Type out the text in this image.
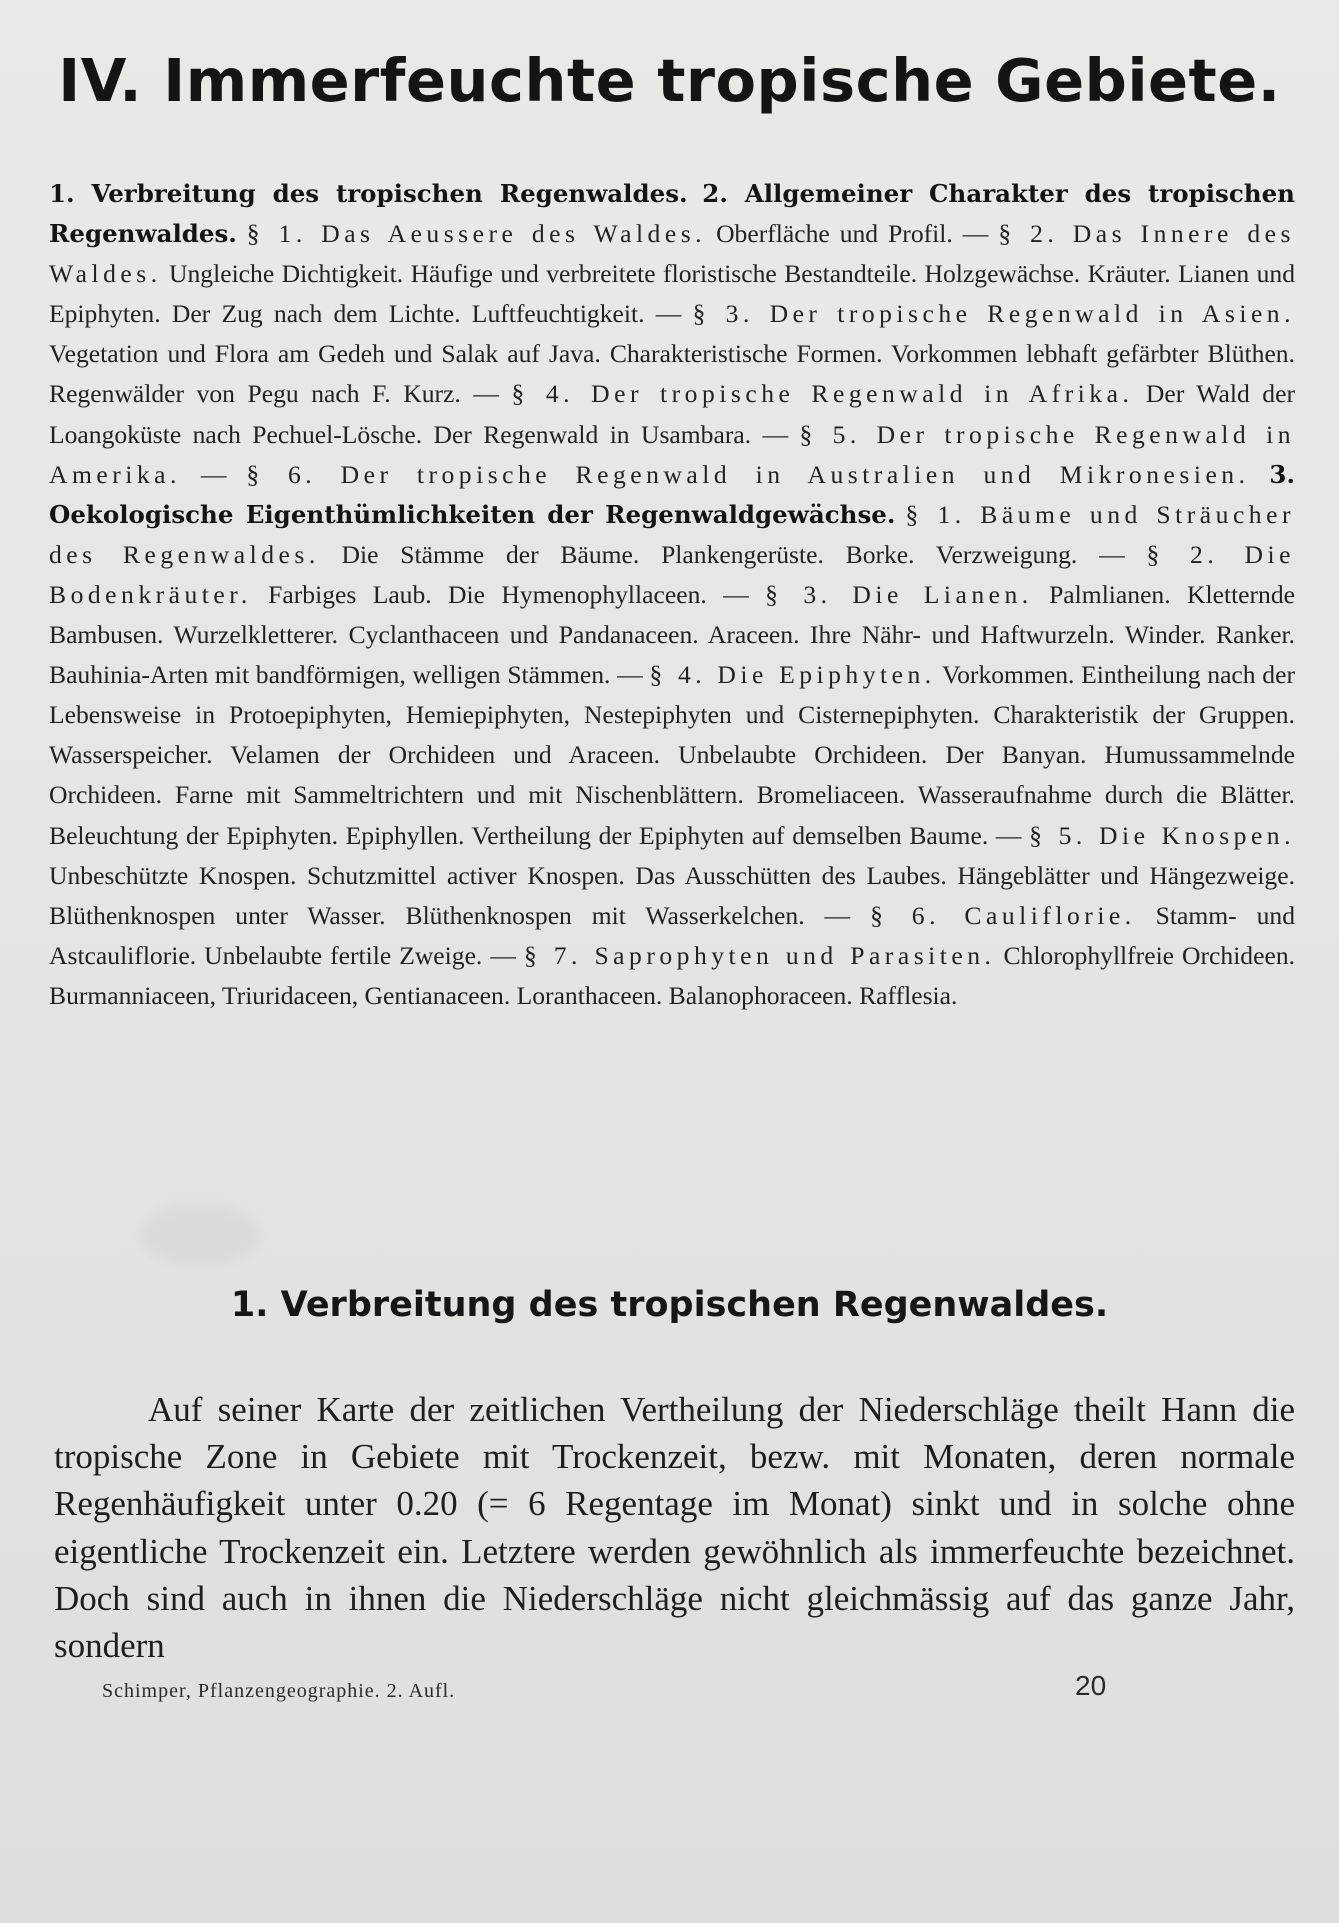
IV. Immerfeuchte tropische Gebiete.

1. Verbreitung des tropischen Regenwaldes. 2. Allgemeiner Charakter des tropischen Regenwaldes. § 1. Das Aeussere des Waldes. Oberfläche und Profil. — § 2. Das Innere des Waldes. Ungleiche Dichtigkeit. Häufige und verbreitete floristische Bestandteile. Holzgewächse. Kräuter. Lianen und Epiphyten. Der Zug nach dem Lichte. Luftfeuchtigkeit. — § 3. Der tropische Regenwald in Asien. Vegetation und Flora am Gedeh und Salak auf Java. Charakteristische Formen. Vorkommen lebhaft gefärbter Blüthen. Regenwälder von Pegu nach F. Kurz. — § 4. Der tropische Regenwald in Afrika. Der Wald der Loangoküste nach Pechuel-Lösche. Der Regenwald in Usambara. — § 5. Der tropische Regenwald in Amerika. — § 6. Der tropische Regenwald in Australien und Mikronesien. 3. Oekologische Eigenthümlichkeiten der Regenwaldgewächse. § 1. Bäume und Sträucher des Regenwaldes. Die Stämme der Bäume. Plankengerüste. Borke. Verzweigung. — § 2. Die Bodenkräuter. Farbiges Laub. Die Hymenophyllaceen. — § 3. Die Lianen. Palmlianen. Kletternde Bambusen. Wurzelkletterer. Cyclanthaceen und Pandanaceen. Araceen. Ihre Nähr- und Haftwurzeln. Winder. Ranker. Bauhinia-Arten mit bandförmigen, welligen Stämmen. — § 4. Die Epiphyten. Vorkommen. Eintheilung nach der Lebensweise in Protoepiphyten, Hemiepiphyten, Nestepiphyten und Cisternepiphyten. Charakteristik der Gruppen. Wasserspeicher. Velamen der Orchideen und Araceen. Unbelaubte Orchideen. Der Banyan. Humussammelnde Orchideen. Farne mit Sammeltrichtern und mit Nischenblättern. Bromeliaceen. Wasseraufnahme durch die Blätter. Beleuchtung der Epiphyten. Epiphyllen. Vertheilung der Epiphyten auf demselben Baume. — § 5. Die Knospen. Unbeschützte Knospen. Schutzmittel activer Knospen. Das Ausschütten des Laubes. Hängeblätter und Hängezweige. Blüthenknospen unter Wasser. Blüthenknospen mit Wasserkelchen. — § 6. Cauliflorie. Stamm- und Astcauliflorie. Unbelaubte fertile Zweige. — § 7. Saprophyten und Parasiten. Chlorophyllfreie Orchideen. Burmanniaceen, Triuridaceen, Gentianaceen. Loranthaceen. Balanophoraceen. Rafflesia.

1. Verbreitung des tropischen Regenwaldes.

Auf seiner Karte der zeitlichen Vertheilung der Niederschläge theilt Hann die tropische Zone in Gebiete mit Trockenzeit, bezw. mit Monaten, deren normale Regenhäufigkeit unter 0.20 (= 6 Regentage im Monat) sinkt und in solche ohne eigentliche Trockenzeit ein. Letztere werden gewöhnlich als immerfeuchte bezeichnet. Doch sind auch in ihnen die Niederschläge nicht gleichmässig auf das ganze Jahr, sondern

Schimper, Pflanzengeographie. 2. Aufl.	20
